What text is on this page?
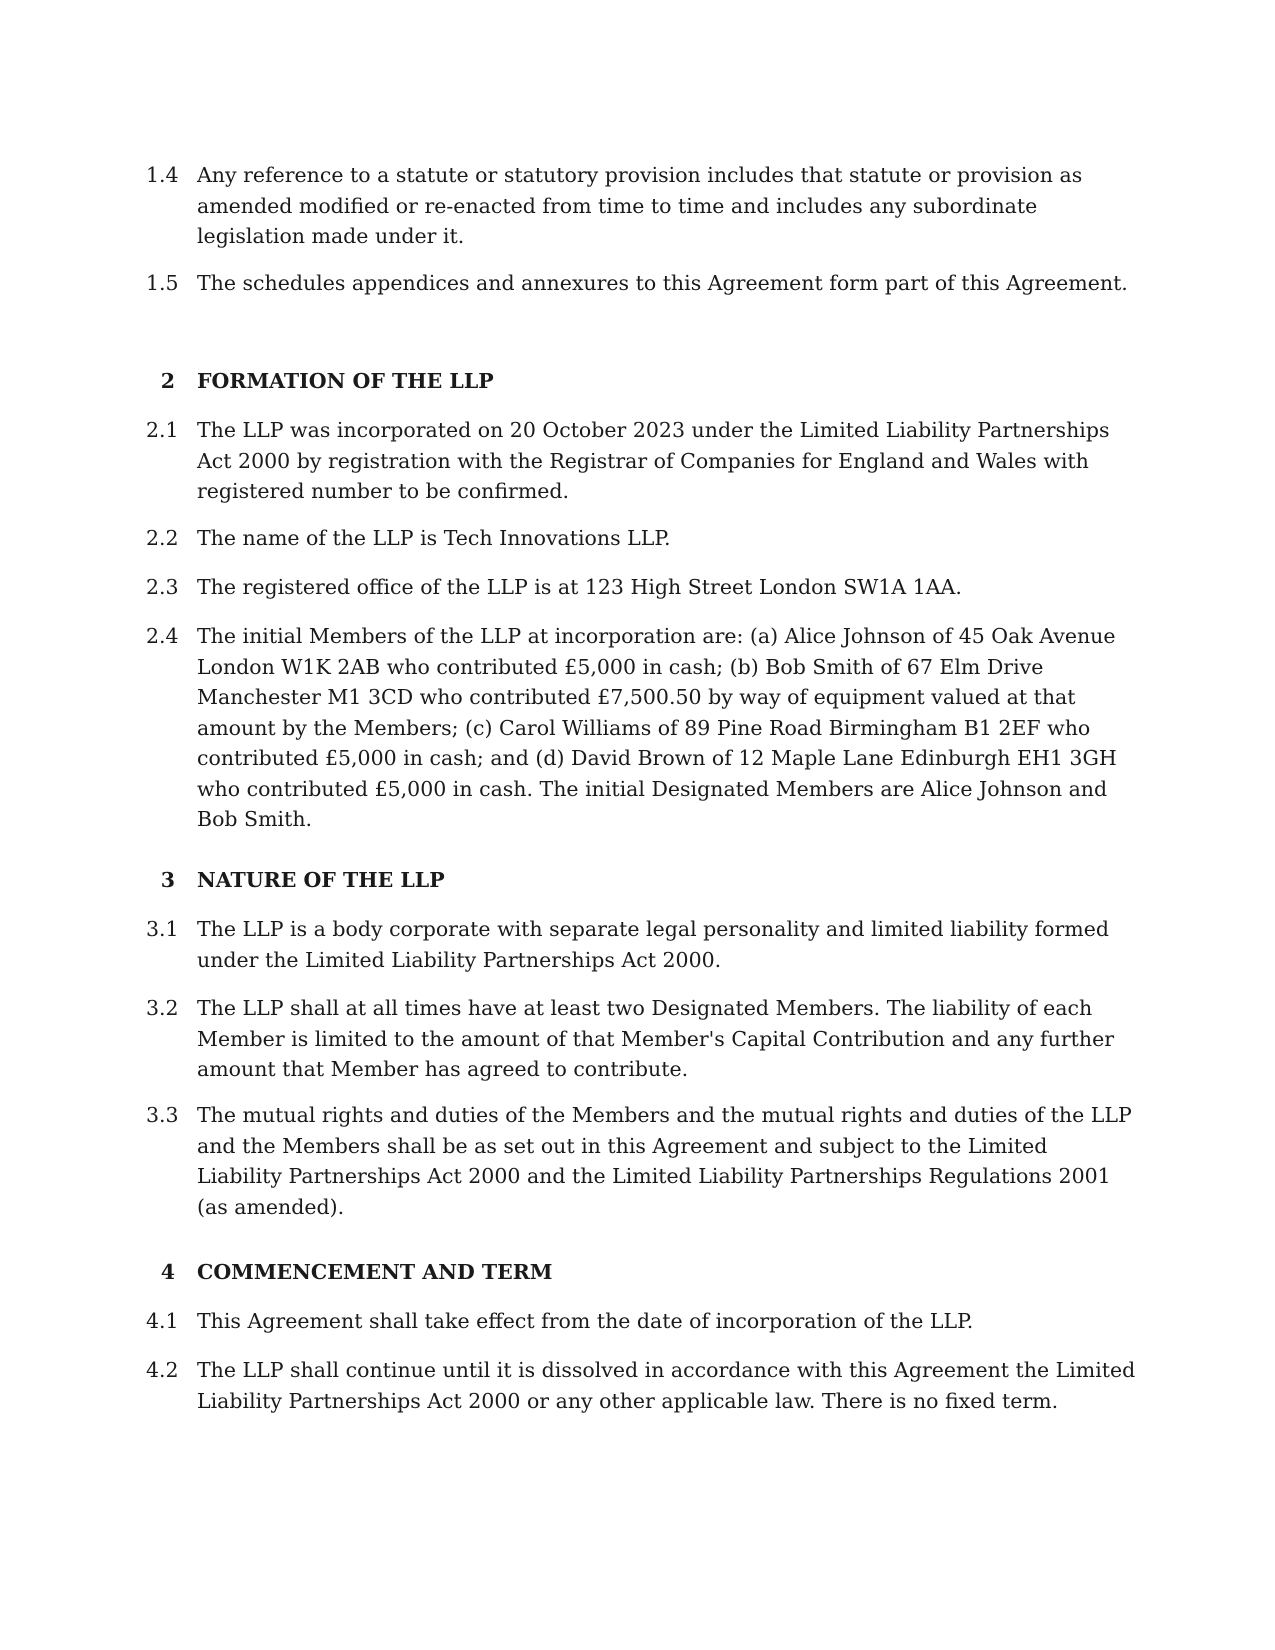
1.4 Any reference to a statute or statutory provision includes that statute or provision as amended modified or re-enacted from time to time and includes any subordinate legislation made under it.
1.5 The schedules appendices and annexures to this Agreement form part of this Agreement.
2	FORMATION OF THE LLP
2.1 The LLP was incorporated on 20 October 2023 under the Limited Liability Partnerships Act 2000 by registration with the Registrar of Companies for England and Wales with registered number to be confirmed.
2.2 The name of the LLP is Tech Innovations LLP.
2.3 The registered office of the LLP is at 123 High Street London SW1A 1AA.
2.4 The initial Members of the LLP at incorporation are: (a) Alice Johnson of 45 Oak Avenue London W1K 2AB who contributed £5,000 in cash; (b) Bob Smith of 67 Elm Drive Manchester M1 3CD who contributed £7,500.50 by way of equipment valued at that amount by the Members; (c) Carol Williams of 89 Pine Road Birmingham B1 2EF who contributed £5,000 in cash; and (d) David Brown of 12 Maple Lane Edinburgh EH1 3GH who contributed £5,000 in cash. The initial Designated Members are Alice Johnson and Bob Smith.
3	NATURE OF THE LLP
3.1 The LLP is a body corporate with separate legal personality and limited liability formed under the Limited Liability Partnerships Act 2000.
3.2 The LLP shall at all times have at least two Designated Members. The liability of each Member is limited to the amount of that Member's Capital Contribution and any further amount that Member has agreed to contribute.
3.3 The mutual rights and duties of the Members and the mutual rights and duties of the LLP and the Members shall be as set out in this Agreement and subject to the Limited Liability Partnerships Act 2000 and the Limited Liability Partnerships Regulations 2001 (as amended).
4	COMMENCEMENT AND TERM
4.1 This Agreement shall take effect from the date of incorporation of the LLP.
4.2 The LLP shall continue until it is dissolved in accordance with this Agreement the Limited Liability Partnerships Act 2000 or any other applicable law. There is no fixed term.
